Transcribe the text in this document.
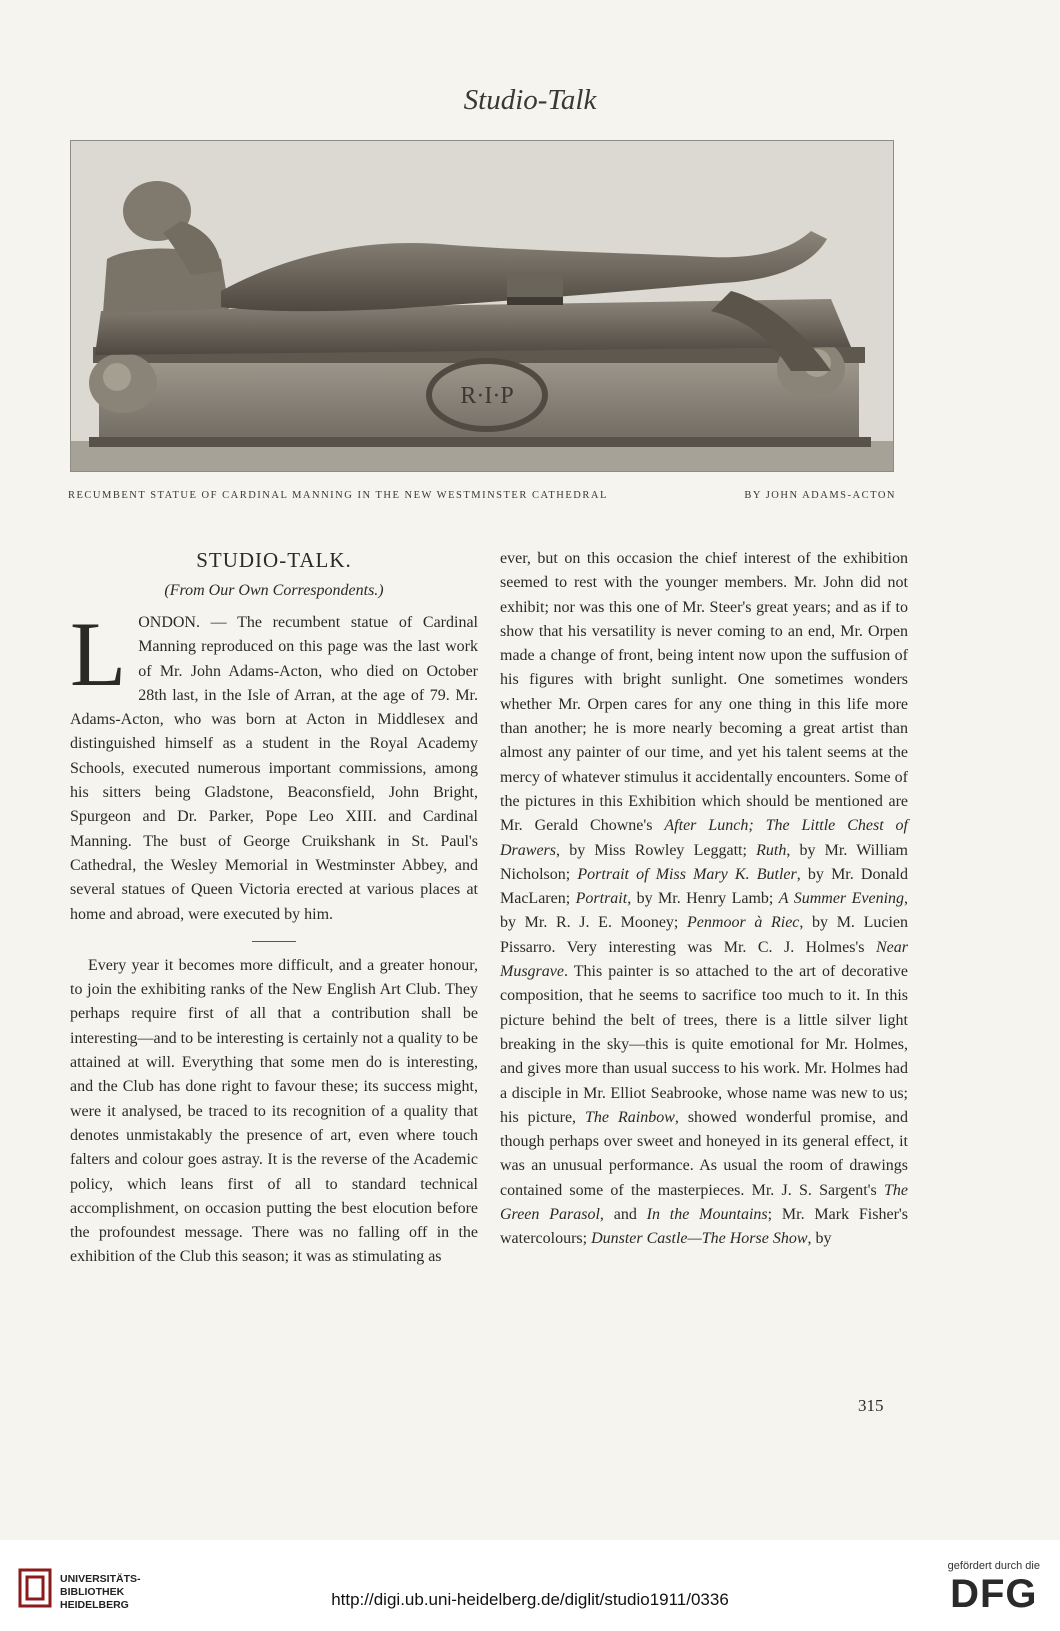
Studio-Talk
R·I·P
RECUMBENT STATUE OF CARDINAL MANNING IN THE NEW WESTMINSTER CATHEDRAL	BY JOHN ADAMS-ACTON
STUDIO-TALK.
(From Our Own Correspondents.)

LONDON. — The recumbent statue of Cardinal Manning reproduced on this page was the last work of Mr. John Adams-Acton, who died on October 28th last, in the Isle of Arran, at the age of 79. Mr. Adams-Acton, who was born at Acton in Middlesex and distinguished himself as a student in the Royal Academy Schools, executed numerous important commissions, among his sitters being Gladstone, Beaconsfield, John Bright, Spurgeon and Dr. Parker, Pope Leo XIII. and Cardinal Manning. The bust of George Cruikshank in St. Paul's Cathedral, the Wesley Memorial in Westminster Abbey, and several statues of Queen Victoria erected at various places at home and abroad, were executed by him.

Every year it becomes more difficult, and a greater honour, to join the exhibiting ranks of the New English Art Club. They perhaps require first of all that a contribution shall be interesting—and to be interesting is certainly not a quality to be attained at will. Everything that some men do is interesting, and the Club has done right to favour these; its success might, were it analysed, be traced to its recognition of a quality that denotes unmistakably the presence of art, even where touch falters and colour goes astray. It is the reverse of the Academic policy, which leans first of all to standard technical accomplishment, on occasion putting the best elocution before the profoundest message. There was no falling off in the exhibition of the Club this season; it was as stimulating as

ever, but on this occasion the chief interest of the exhibition seemed to rest with the younger members. Mr. John did not exhibit; nor was this one of Mr. Steer's great years; and as if to show that his versatility is never coming to an end, Mr. Orpen made a change of front, being intent now upon the suffusion of his figures with bright sunlight. One sometimes wonders whether Mr. Orpen cares for any one thing in this life more than another; he is more nearly becoming a great artist than almost any painter of our time, and yet his talent seems at the mercy of whatever stimulus it accidentally encounters. Some of the pictures in this Exhibition which should be mentioned are Mr. Gerald Chowne's After Lunch; The Little Chest of Drawers, by Miss Rowley Leggatt; Ruth, by Mr. William Nicholson; Portrait of Miss Mary K. Butler, by Mr. Donald MacLaren; Portrait, by Mr. Henry Lamb; A Summer Evening, by Mr. R. J. E. Mooney; Penmoor à Riec, by M. Lucien Pissarro. Very interesting was Mr. C. J. Holmes's Near Musgrave. This painter is so attached to the art of decorative composition, that he seems to sacrifice too much to it. In this picture behind the belt of trees, there is a little silver light breaking in the sky—this is quite emotional for Mr. Holmes, and gives more than usual success to his work. Mr. Holmes had a disciple in Mr. Elliot Seabrooke, whose name was new to us; his picture, The Rainbow, showed wonderful promise, and though perhaps over sweet and honeyed in its general effect, it was an unusual performance. As usual the room of drawings contained some of the masterpieces. Mr. J. S. Sargent's The Green Parasol, and In the Mountains; Mr. Mark Fisher's watercolours; Dunster Castle—The Horse Show, by

315
UNIVERSITÄTS-
BIBLIOTHEK
HEIDELBERG	http://digi.ub.uni-heidelberg.de/diglit/studio1911/0336
gefördert durch die
DFG
